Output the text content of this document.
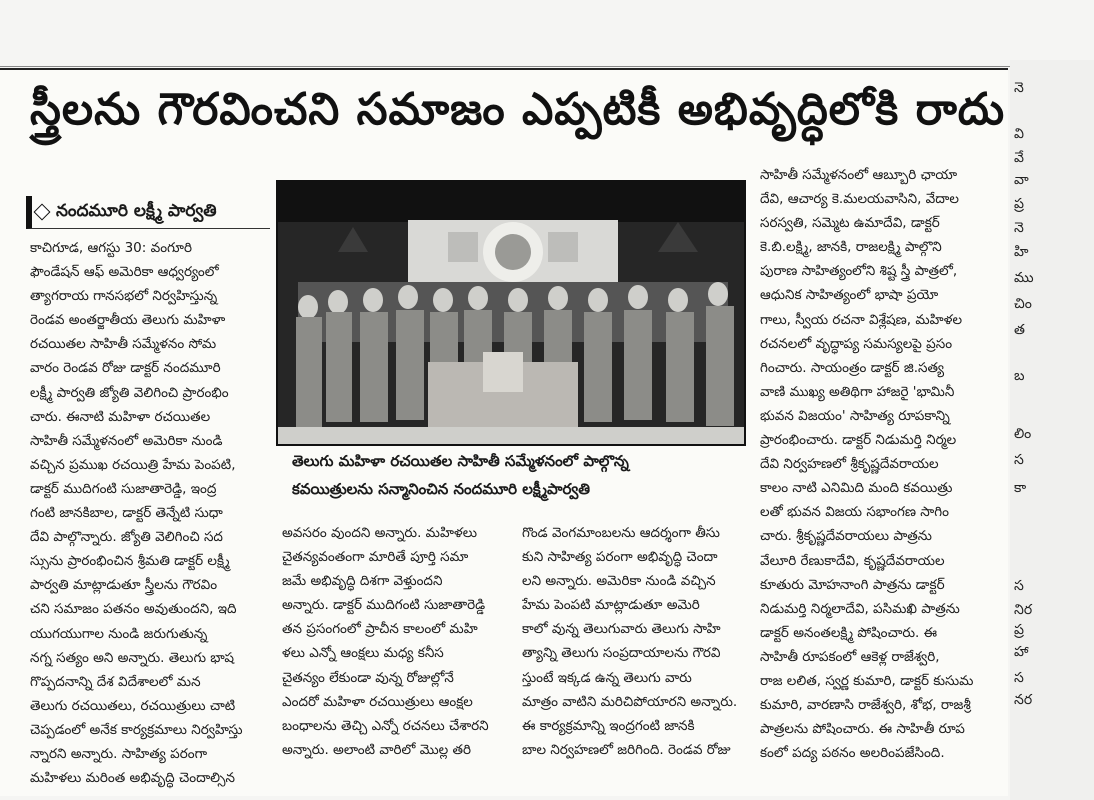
స్త్రీలను గౌరవించని సమాజం ఎప్పటికీ అభివృద్ధిలోకి రాదు
నందమూరి లక్ష్మీ పార్వతి
కాచిగూడ, ఆగస్టు 30: వంగూరి
ఫౌండేషన్ ఆఫ్ అమెరికా ఆధ్వర్యంలో
త్యాగరాయ గానసభలో నిర్వహిస్తున్న
రెండవ అంతర్జాతీయ తెలుగు మహిళా
రచయితల సాహితీ సమ్మేళనం సోమ
వారం రెండవ రోజు డాక్టర్ నందమూరి
లక్ష్మీ పార్వతి జ్యోతి వెలిగించి ప్రారంభిం
చారు. ఈనాటి మహిళా రచయితల
సాహితీ సమ్మేళనంలో అమెరికా నుండి
వచ్చిన ప్రముఖ రచయిత్రి హేమ పెంపటి,
డాక్టర్ ముదిగంటి సుజాతారెడ్డి, ఇంద్ర
గంటి జానకిబాల, డాక్టర్ తెన్నేటి సుధా
దేవి పాల్గొన్నారు. జ్యోతి వెలిగించి సద
స్సును ప్రారంభించిన శ్రీమతి డాక్టర్ లక్ష్మీ
పార్వతి మాట్లాడుతూ స్త్రీలను గౌరవిం
చని సమాజం పతనం అవుతుందని, ఇది
యుగయుగాల నుండి జరుగుతున్న
నగ్న సత్యం అని అన్నారు. తెలుగు భాష
గొప్పదనాన్ని దేశ విదేశాలలో మన
తెలుగు రచయితలు, రచయిత్రులు చాటి
చెప్పడంలో అనేక కార్యక్రమాలు నిర్వహిస్తు
న్నారని అన్నారు. సాహిత్య పరంగా
మహిళలు మరింత అభివృద్ధి చెందాల్సిన
అవసరం వుందని అన్నారు. మహిళలు
చైతన్యవంతంగా మారితే పూర్తి సమా
జమే అభివృద్ధి దిశగా వెళ్తుందని
అన్నారు. డాక్టర్ ముదిగంటి సుజాతారెడ్డి
తన ప్రసంగంలో ప్రాచీన కాలంలో మహి
ళలు ఎన్నో ఆంక్షలు మధ్య కనీస
చైతన్యం లేకుండా వున్న రోజుల్లోనే
ఎందరో మహిళా రచయిత్రులు ఆంక్షల
బంధాలను తెచ్చి ఎన్నో రచనలు చేశారని
అన్నారు. అలాంటి వారిలో మొల్ల తరి
గొండ వెంగమాంబలను ఆదర్శంగా తీసు
కుని సాహిత్య పరంగా అభివృద్ధి చెందా
లని అన్నారు. అమెరికా నుండి వచ్చిన
హేమ పెంపటి మాట్లాడుతూ అమెరి
కాలో వున్న తెలుగువారు తెలుగు సాహి
త్యాన్ని తెలుగు సంప్రదాయాలను గౌరవి
స్తుంటే ఇక్కడ ఉన్న తెలుగు వారు
మాత్రం వాటిని మరిచిపోయారని అన్నారు.
ఈ కార్యక్రమాన్ని ఇంద్రగంటి జానకి
బాల నిర్వహణలో జరిగింది. రెండవ రోజు
సాహితీ సమ్మేళనంలో ఆబ్బూరి ఛాయా
దేవి, ఆచార్య కె.మలయవాసిని, వేదాల
సరస్వతి, సమ్మెట ఉమాదేవి, డాక్టర్
కె.బి.లక్ష్మి, జానకి, రాజలక్ష్మి పాల్గొని
పురాణ సాహిత్యంలోని శిష్ట స్త్రీ పాత్రలో,
ఆధునిక సాహిత్యంలో భాషా ప్రయో
గాలు, స్వీయ రచనా విశ్లేషణ, మహిళల
రచనలలో వృద్ధాప్య సమస్యలపై ప్రసం
గించారు. సాయంత్రం డాక్టర్ జి.సత్య
వాణి ముఖ్య అతిథిగా హాజరై 'భామినీ
భువన విజయం' సాహిత్య రూపకాన్ని
ప్రారంభించారు. డాక్టర్ నిడుమర్తి నిర్మల
దేవి నిర్వహణలో శ్రీకృష్ణదేవరాయల
కాలం నాటి ఎనిమిది మంది కవయిత్రు
లతో భువన విజయ సభాంగణ సాగిం
చారు. శ్రీకృష్ణదేవరాయలు పాత్రను
వేలూరి రేణుకాదేవి, కృష్ణదేవరాయల
కూతురు మోహనాంగి పాత్రను డాక్టర్
నిడుమర్తి నిర్మలాదేవి, పసిమఖి పాత్రను
డాక్టర్ అనంతలక్ష్మి పోషించారు. ఈ
సాహితీ రూపకంలో ఆకెళ్ల రాజేశ్వరి,
రాజ లలిత, స్వర్ణ కుమారి, డాక్టర్ కుసుమ
కుమారి, వారణాసి రాజేశ్వరి, శోభ, రాజశ్రీ
పాత్రలను పోషించారు. ఈ సాహితీ రూప
కంలో పద్య పఠనం అలరింపజేసింది.
తెలుగు మహిళా రచయితల సాహితీ సమ్మేళనంలో పాల్గొన్న
కవయిత్రులను సన్మానించిన నందమూరి లక్ష్మీపార్వతి
నె
వి
వే
వా
ప్ర
నె
హి
ము
చిం
త
బ
లిం
స
కా
స
నిర
ప్ర
హా
స
నర
